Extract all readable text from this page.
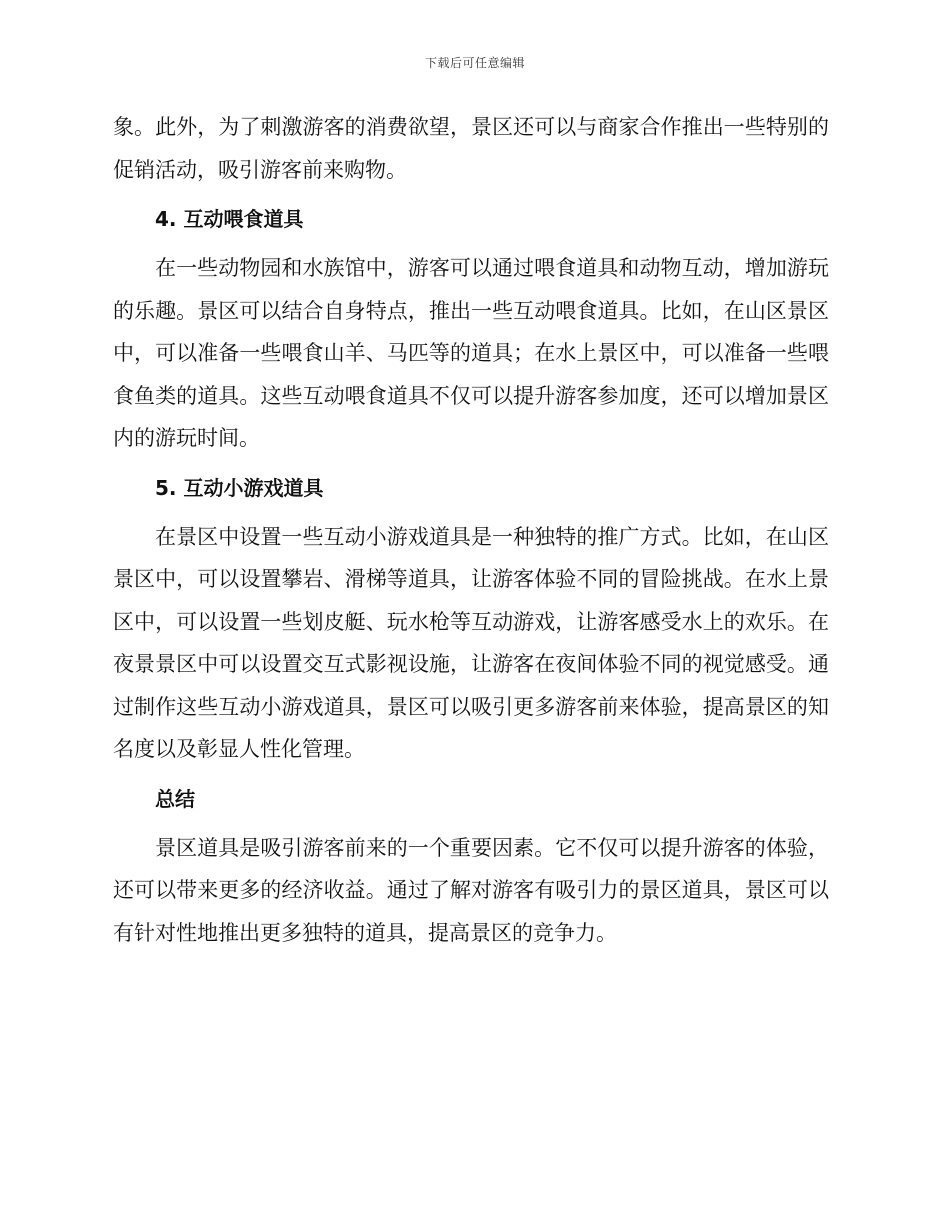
下载后可任意编辑

象。此外，为了刺激游客的消费欲望，景区还可以与商家合作推出一些特别的促销活动，吸引游客前来购物。

4. 互动喂食道具

在一些动物园和水族馆中，游客可以通过喂食道具和动物互动，增加游玩的乐趣。景区可以结合自身特点，推出一些互动喂食道具。比如，在山区景区中，可以准备一些喂食山羊、马匹等的道具；在水上景区中，可以准备一些喂食鱼类的道具。这些互动喂食道具不仅可以提升游客参加度，还可以增加景区内的游玩时间。

5. 互动小游戏道具

在景区中设置一些互动小游戏道具是一种独特的推广方式。比如，在山区景区中，可以设置攀岩、滑梯等道具，让游客体验不同的冒险挑战。在水上景区中，可以设置一些划皮艇、玩水枪等互动游戏，让游客感受水上的欢乐。在夜景景区中可以设置交互式影视设施，让游客在夜间体验不同的视觉感受。通过制作这些互动小游戏道具，景区可以吸引更多游客前来体验，提高景区的知名度以及彰显人性化管理。

总结

景区道具是吸引游客前来的一个重要因素。它不仅可以提升游客的体验，还可以带来更多的经济收益。通过了解对游客有吸引力的景区道具，景区可以有针对性地推出更多独特的道具，提高景区的竞争力。
